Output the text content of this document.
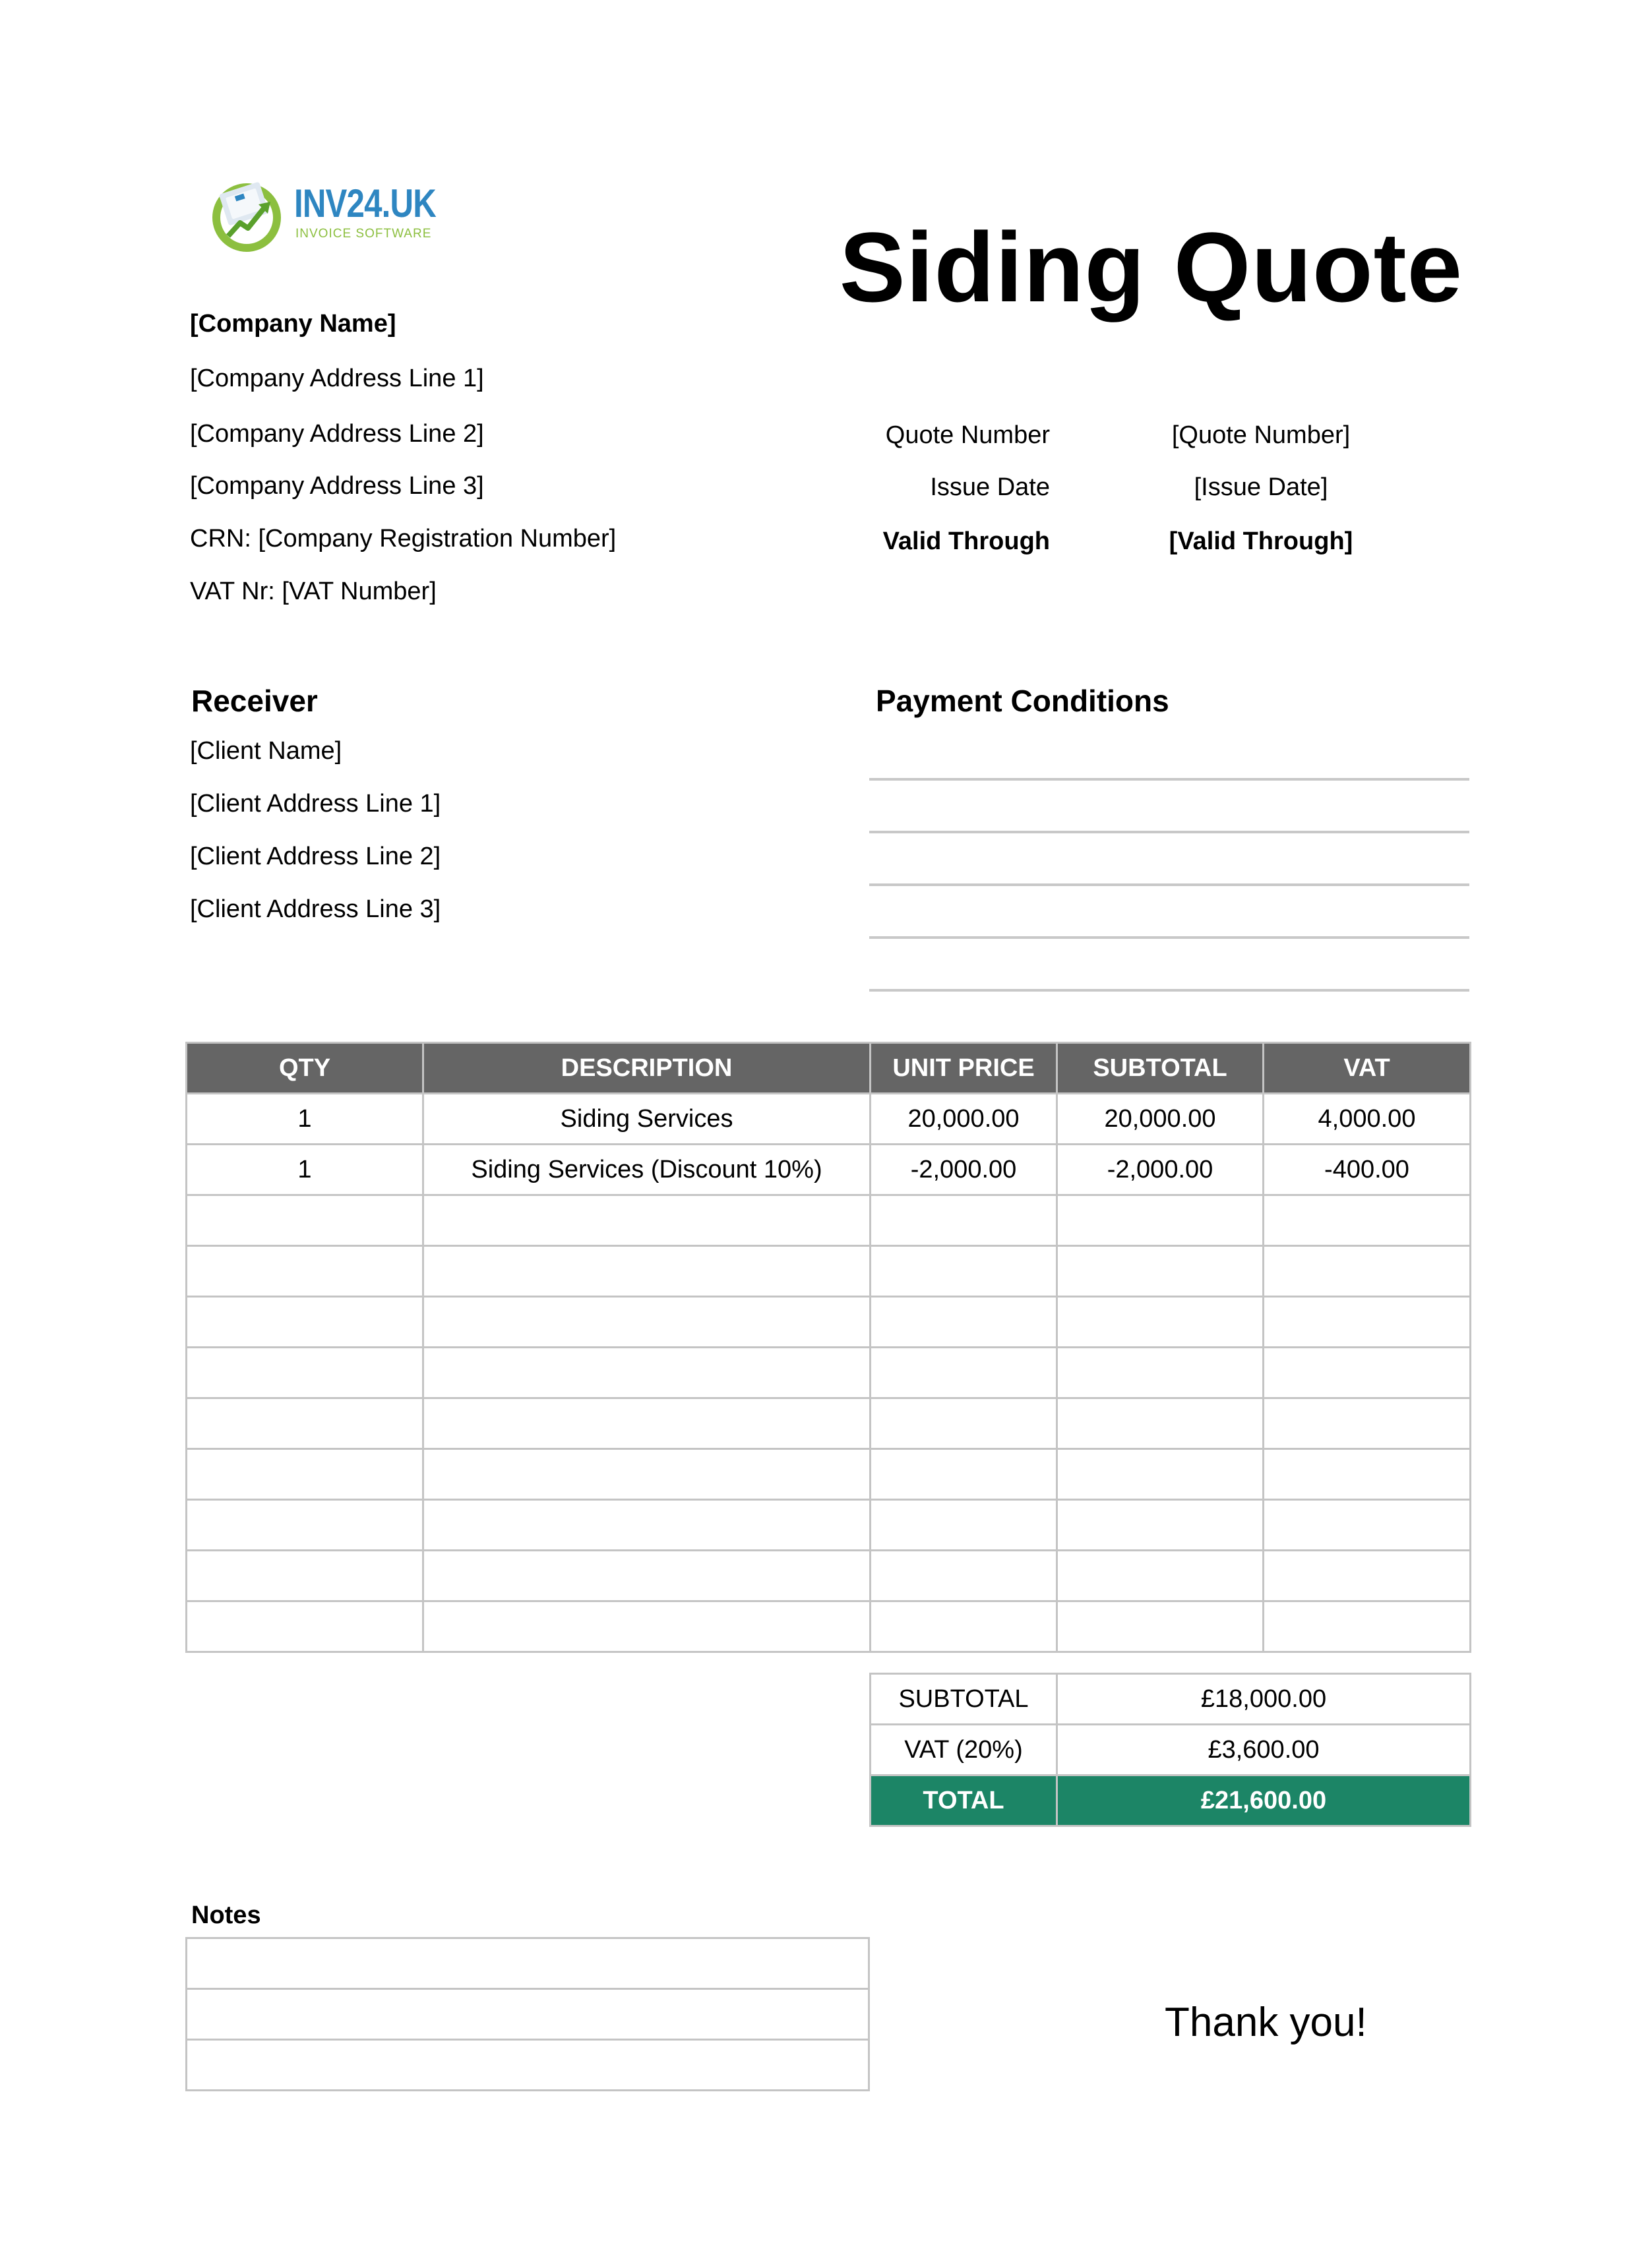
INV24.UK
INVOICE SOFTWARE	Siding Quote
[Company Name]
[Company Address Line 1]
[Company Address Line 2]
[Company Address Line 3]
CRN: [Company Registration Number]
VAT Nr: [VAT Number]
Quote Number	[Quote Number]
Issue Date	[Issue Date]
Valid Through	[Valid Through]
Receiver
[Client Name]
[Client Address Line 1]
[Client Address Line 2]
[Client Address Line 3]
Payment Conditions
QTY	DESCRIPTION	UNIT PRICE	SUBTOTAL	VAT
1	Siding Services	20,000.00	20,000.00	4,000.00
1	Siding Services (Discount 10%)	-2,000.00	-2,000.00	-400.00

SUBTOTAL	£18,000.00
VAT (20%)	£3,600.00
TOTAL	£21,600.00
Notes

Thank you!
